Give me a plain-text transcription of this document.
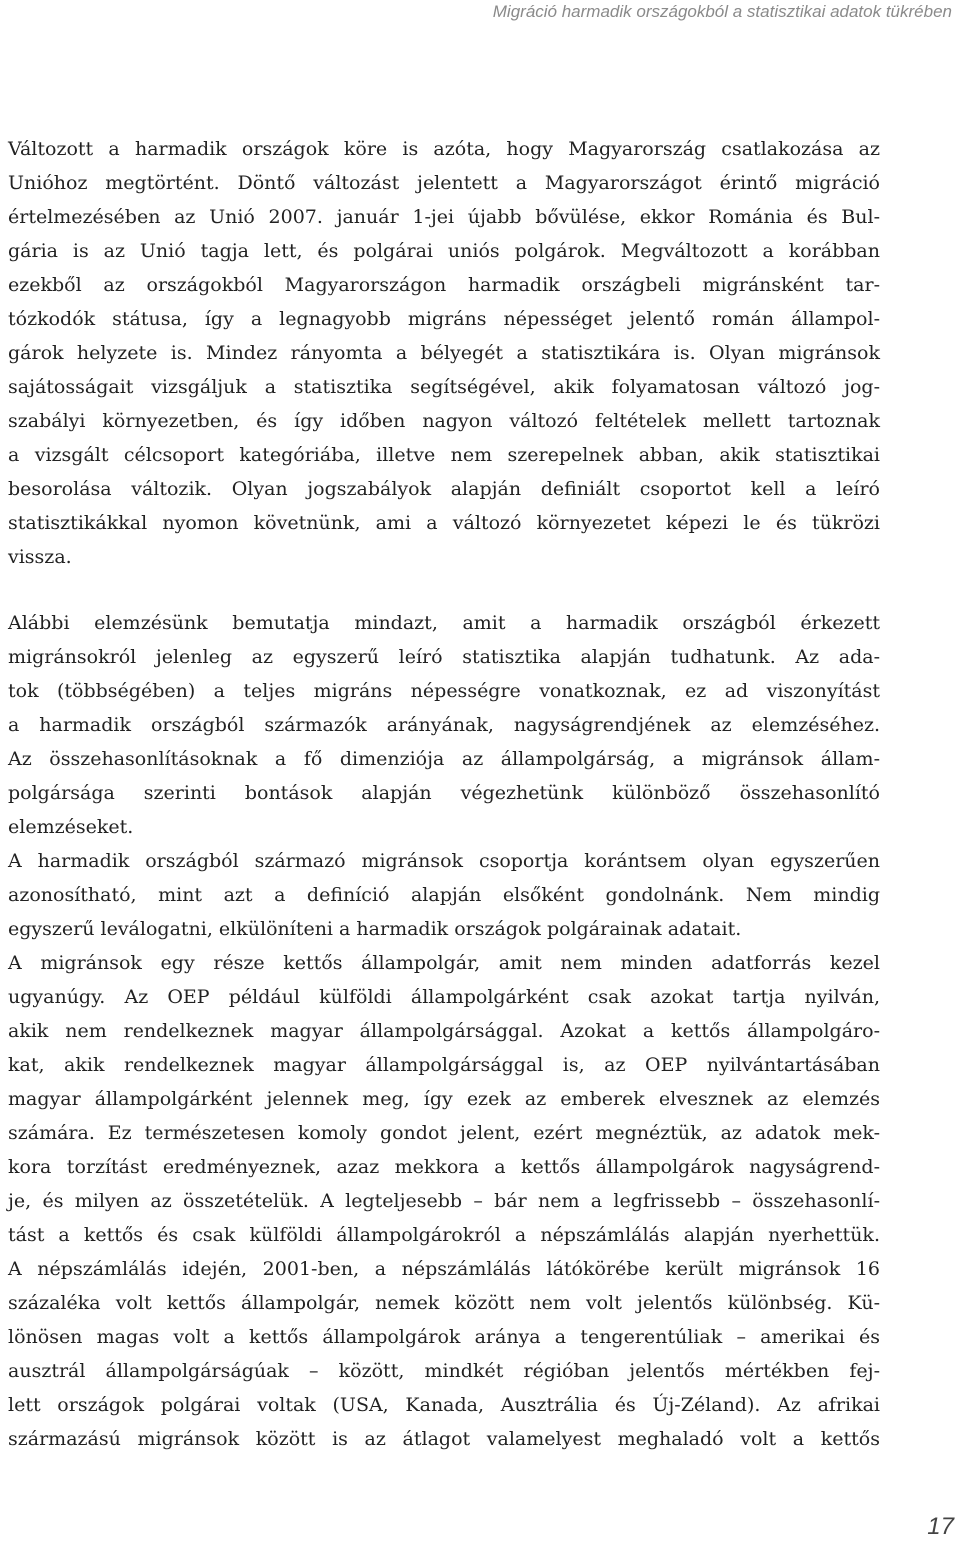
Migráció harmadik országokból a statisztikai adatok tükrében
Változott a harmadik országok köre is azóta, hogy Magyarország csatlakozása az
Unióhoz megtörtént. Döntő változást jelentett a Magyarországot érintő migráció
értelmezésében az Unió 2007. január 1-jei újabb bővülése, ekkor Románia és Bul-
gária is az Unió tagja lett, és polgárai uniós polgárok. Megváltozott a korábban
ezekből az országokból Magyarországon harmadik országbeli migránsként tar-
tózkodók státusa, így a legnagyobb migráns népességet jelentő román állampol-
gárok helyzete is. Mindez rányomta a bélyegét a statisztikára is. Olyan migránsok
sajátosságait vizsgáljuk a statisztika segítségével, akik folyamatosan változó jog-
szabályi környezetben, és így időben nagyon változó feltételek mellett tartoznak
a vizsgált célcsoport kategóriába, illetve nem szerepelnek abban, akik statisztikai
besorolása változik. Olyan jogszabályok alapján definiált csoportot kell a leíró
statisztikákkal nyomon követnünk, ami a változó környezetet képezi le és tükrözi
vissza.
Alábbi elemzésünk bemutatja mindazt, amit a harmadik országból érkezett
migránsokról jelenleg az egyszerű leíró statisztika alapján tudhatunk. Az ada-
tok (többségében) a teljes migráns népességre vonatkoznak, ez ad viszonyítást
a harmadik országból származók arányának, nagyságrendjének az elemzéséhez.
Az összehasonlításoknak a fő dimenziója az állampolgárság, a migránsok állam-
polgársága szerinti bontások alapján végezhetünk különböző összehasonlító
elemzéseket.
A harmadik országból származó migránsok csoportja korántsem olyan egyszerűen
azonosítható, mint azt a definíció alapján elsőként gondolnánk. Nem mindig
egyszerű leválogatni, elkülöníteni a harmadik országok polgárainak adatait.
A migránsok egy része kettős állampolgár, amit nem minden adatforrás kezel
ugyanúgy. Az OEP például külföldi állampolgárként csak azokat tartja nyilván,
akik nem rendelkeznek magyar állampolgársággal. Azokat a kettős állampolgáro-
kat, akik rendelkeznek magyar állampolgársággal is, az OEP nyilvántartásában
magyar állampolgárként jelennek meg, így ezek az emberek elvesznek az elemzés
számára. Ez természetesen komoly gondot jelent, ezért megnéztük, az adatok mek-
kora torzítást eredményeznek, azaz mekkora a kettős állampolgárok nagyságrend-
je, és milyen az összetételük. A legteljesebb – bár nem a legfrissebb – összehasonlí-
tást a kettős és csak külföldi állampolgárokról a népszámlálás alapján nyerhettük.
A népszámlálás idején, 2001-ben, a népszámlálás látókörébe került migránsok 16
százaléka volt kettős állampolgár, nemek között nem volt jelentős különbség. Kü-
lönösen magas volt a kettős állampolgárok aránya a tengerentúliak – amerikai és
ausztrál állampolgárságúak – között, mindkét régióban jelentős mértékben fej-
lett országok polgárai voltak (USA, Kanada, Ausztrália és Új-Zéland). Az afrikai
származású migránsok között is az átlagot valamelyest meghaladó volt a kettős
17
